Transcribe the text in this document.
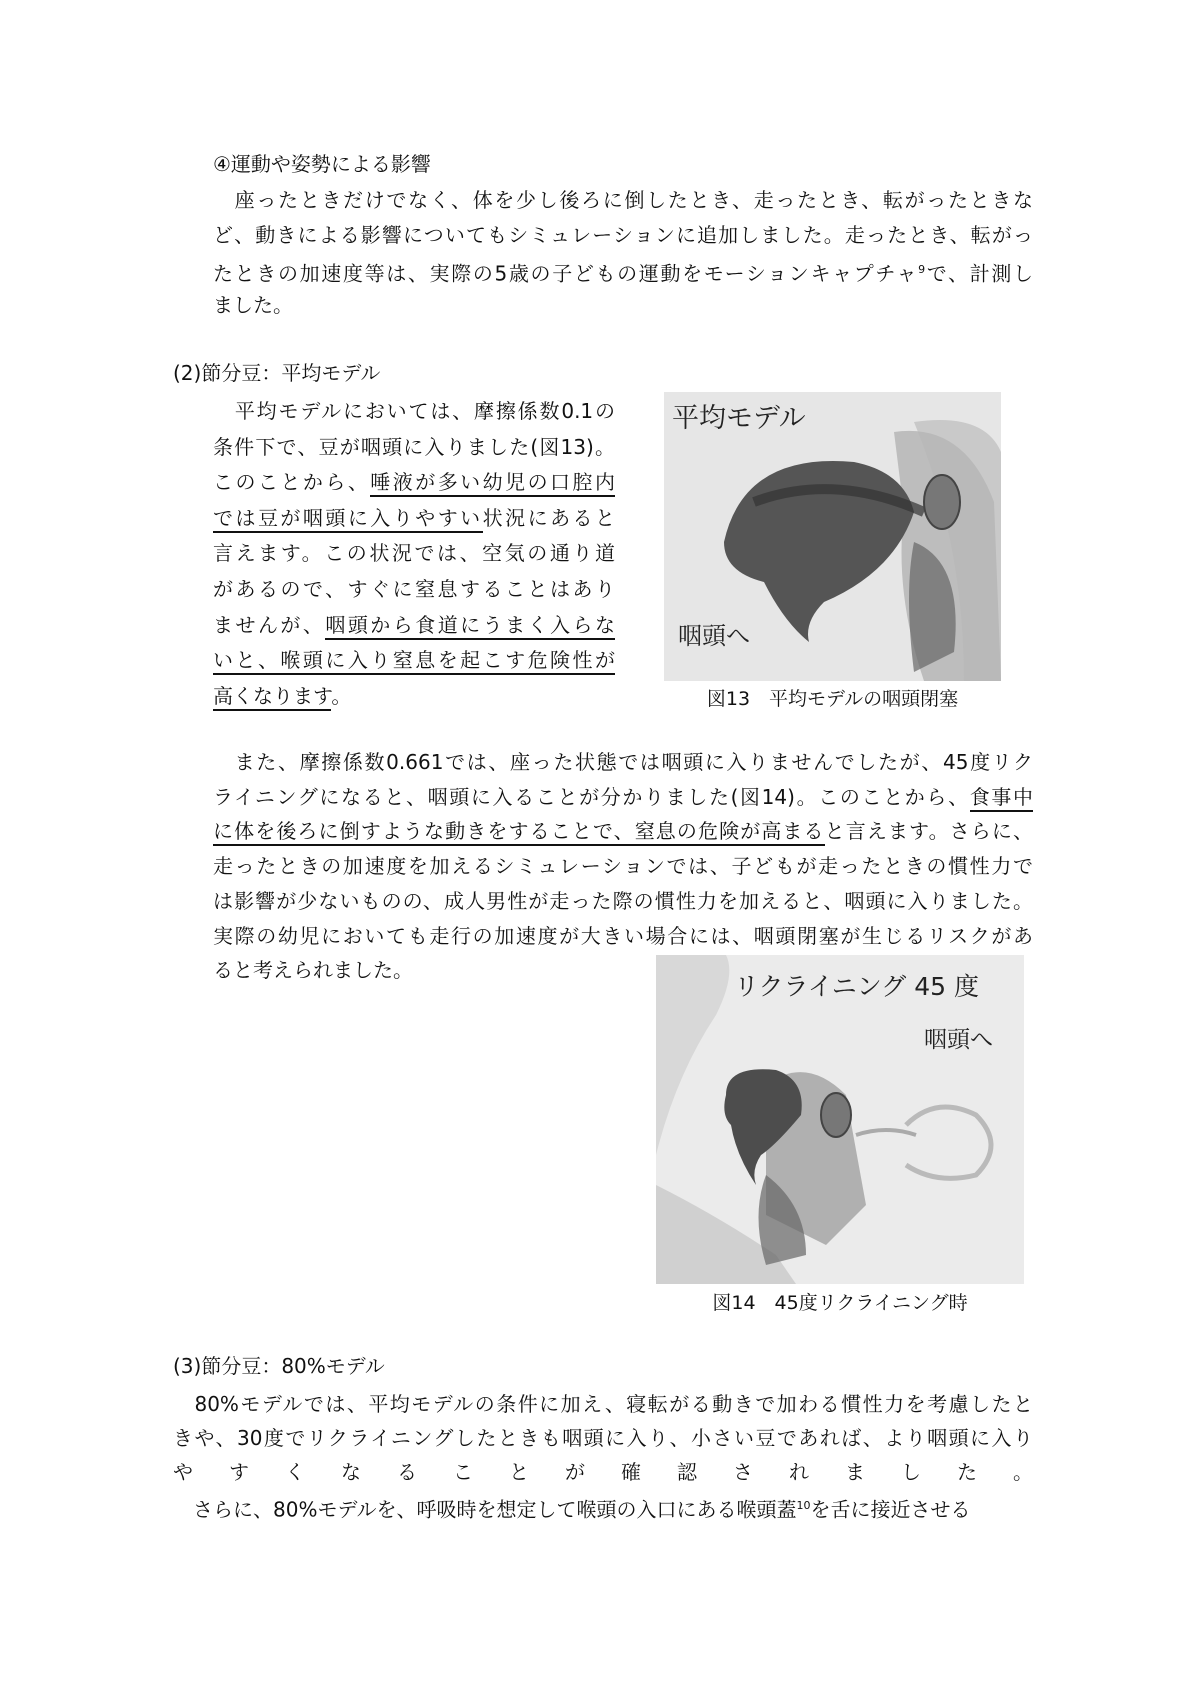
④運動や姿勢による影響
(2)節分豆：平均モデル
平均モデル
咽頭へ
図13　平均モデルの咽頭閉塞
リクライニング 45 度
咽頭へ
図14　45度リクライニング時
(3)節分豆：80%モデル
　座ったときだけでなく、体を少し後ろに倒したとき、走ったとき、転がったときな
ど、動きによる影響についてもシミュレーションに追加しました。走ったとき、転がっ
たときの加速度等は、実際の5歳の子どもの運動をモーションキャプチャ$^9$で、計測し
ました。
　平均モデルにおいては、摩擦係数0.1の
条件下で、豆が咽頭に入りました(図13)。
このことから、唾液が多い幼児の口腔内
では豆が咽頭に入りやすい状況にあると
言えます。この状況では、空気の通り道
があるので、すぐに窒息することはあり
ませんが、咽頭から食道にうまく入らな
いと、喉頭に入り窒息を起こす危険性が
高くなります。
　また、摩擦係数0.661では、座った状態では咽頭に入りませんでしたが、45度リク
ライニングになると、咽頭に入ることが分かりました(図14)。このことから、食事中
に体を後ろに倒すような動きをすることで、窒息の危険が高まると言えます。さらに、
走ったときの加速度を加えるシミュレーションでは、子どもが走ったときの慣性力で
は影響が少ないものの、成人男性が走った際の慣性力を加えると、咽頭に入りました。
実際の幼児においても走行の加速度が大きい場合には、咽頭閉塞が生じるリスクがあ
ると考えられました。
　80%モデルでは、平均モデルの条件に加え、寝転がる動きで加わる慣性力を考慮したと
きや、30度でリクライニングしたときも咽頭に入り、小さい豆であれば、より咽頭に入り
やすくなることが確認されました。
　さらに、80%モデルを、呼吸時を想定して喉頭の入口にある喉頭蓋$^{10}$を舌に接近させる
